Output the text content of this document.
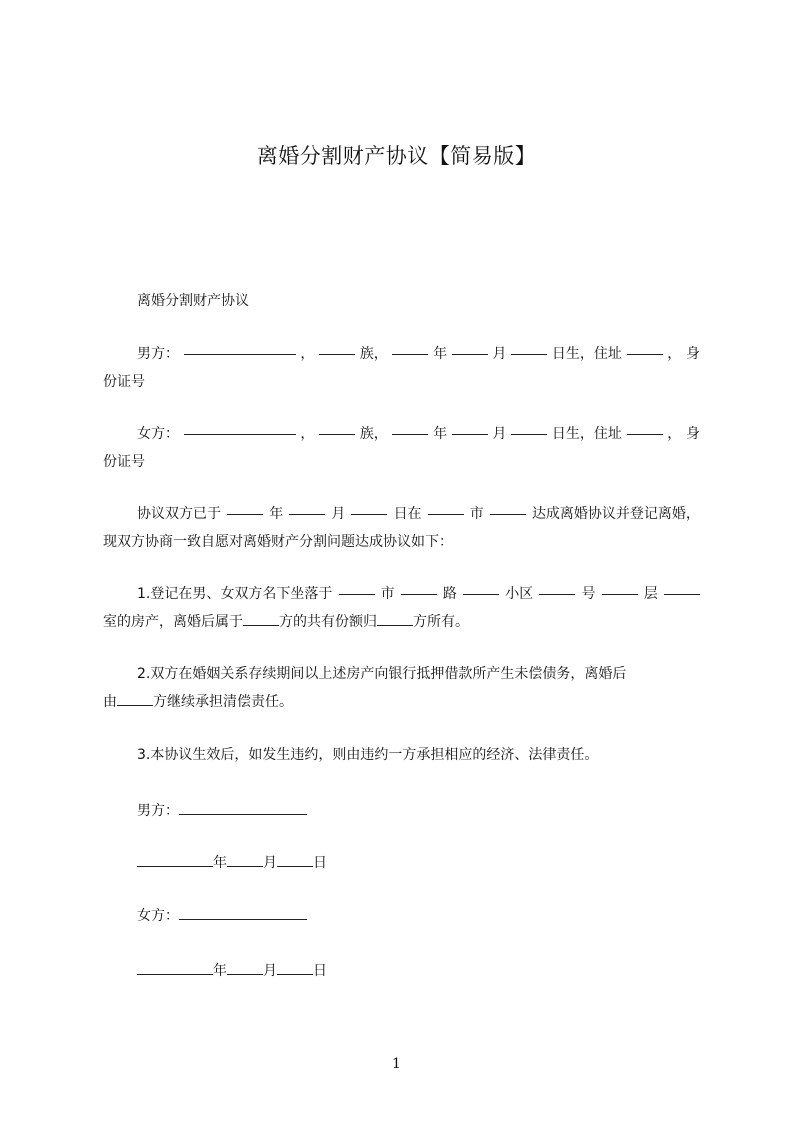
离婚分割财产协议【简易版】
离婚分割财产协议
男方：	，	族，	年	月	日生，住址	， 身
份证号
女方：	，	族，	年	月	日生，住址	， 身
份证号
协议双方已于	年	月	日在	市	达成离婚协议并登记离婚，
现双方协商一致自愿对离婚财产分割问题达成协议如下：
1.登记在男、女双方名下坐落于	市	路	小区	号	层
室的房产，离婚后属于	方的共有份额归	方所有。
2.双方在婚姻关系存续期间以上述房产向银行抵押借款所产生未偿债务，离婚后
由	方继续承担清偿责任。
3.本协议生效后，如发生违约，则由违约一方承担相应的经济、法律责任。
男方：
年	月	日
女方：
年	月	日
1
